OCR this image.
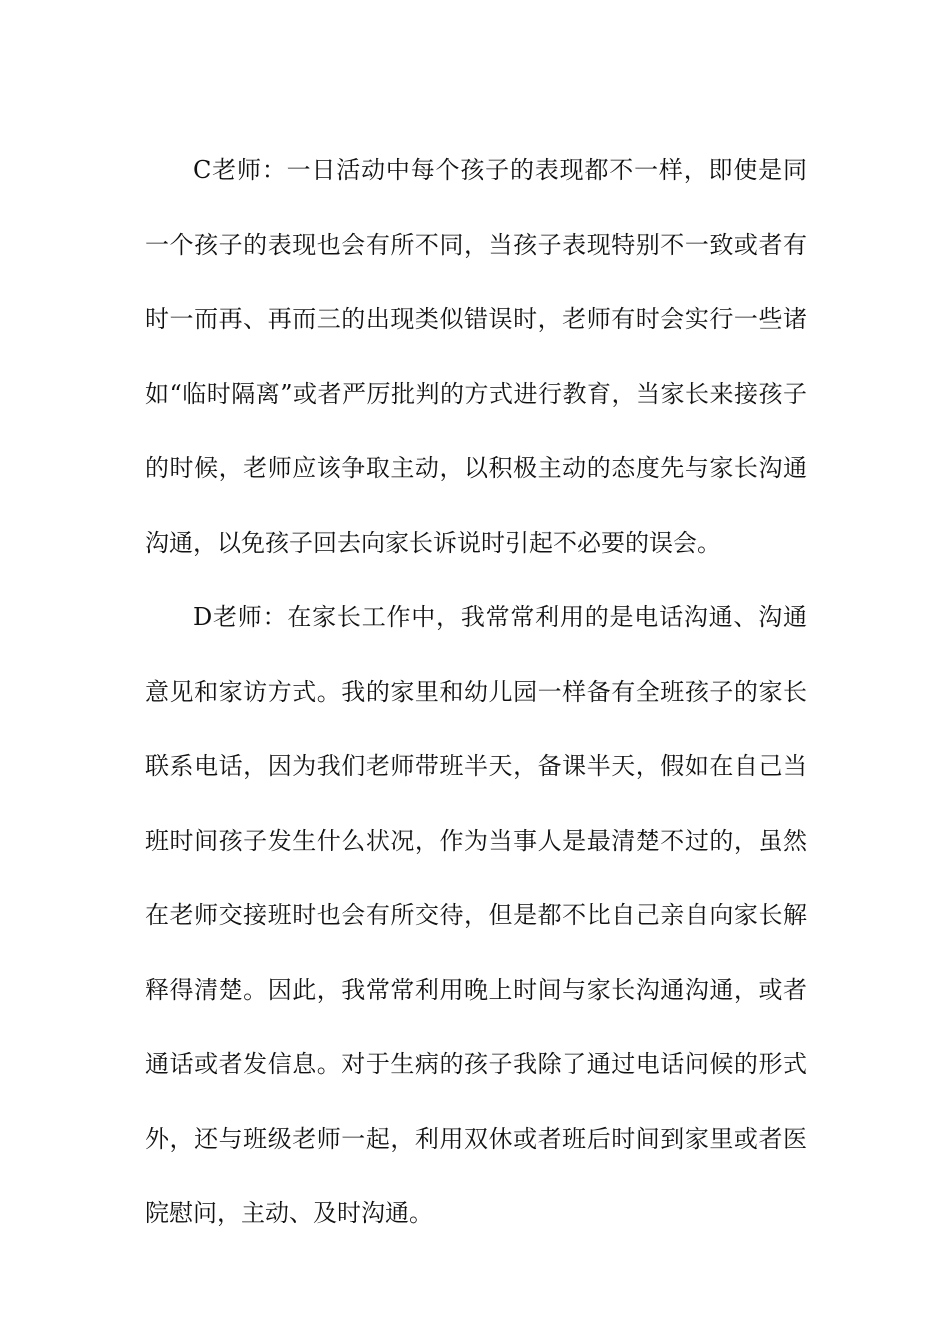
C老师：一日活动中每个孩子的表现都不一样，即使是同一个孩子的表现也会有所不同，当孩子表现特别不一致或者有时一而再、再而三的出现类似错误时，老师有时会实行一些诸如“临时隔离”或者严厉批判的方式进行教育，当家长来接孩子的时候，老师应该争取主动，以积极主动的态度先与家长沟通沟通，以免孩子回去向家长诉说时引起不必要的误会。

D老师：在家长工作中，我常常利用的是电话沟通、沟通意见和家访方式。我的家里和幼儿园一样备有全班孩子的家长联系电话，因为我们老师带班半天，备课半天，假如在自己当班时间孩子发生什么状况，作为当事人是最清楚不过的，虽然在老师交接班时也会有所交待，但是都不比自己亲自向家长解释得清楚。因此，我常常利用晚上时间与家长沟通沟通，或者通话或者发信息。对于生病的孩子我除了通过电话问候的形式外，还与班级老师一起，利用双休或者班后时间到家里或者医院慰问，主动、及时沟通。
